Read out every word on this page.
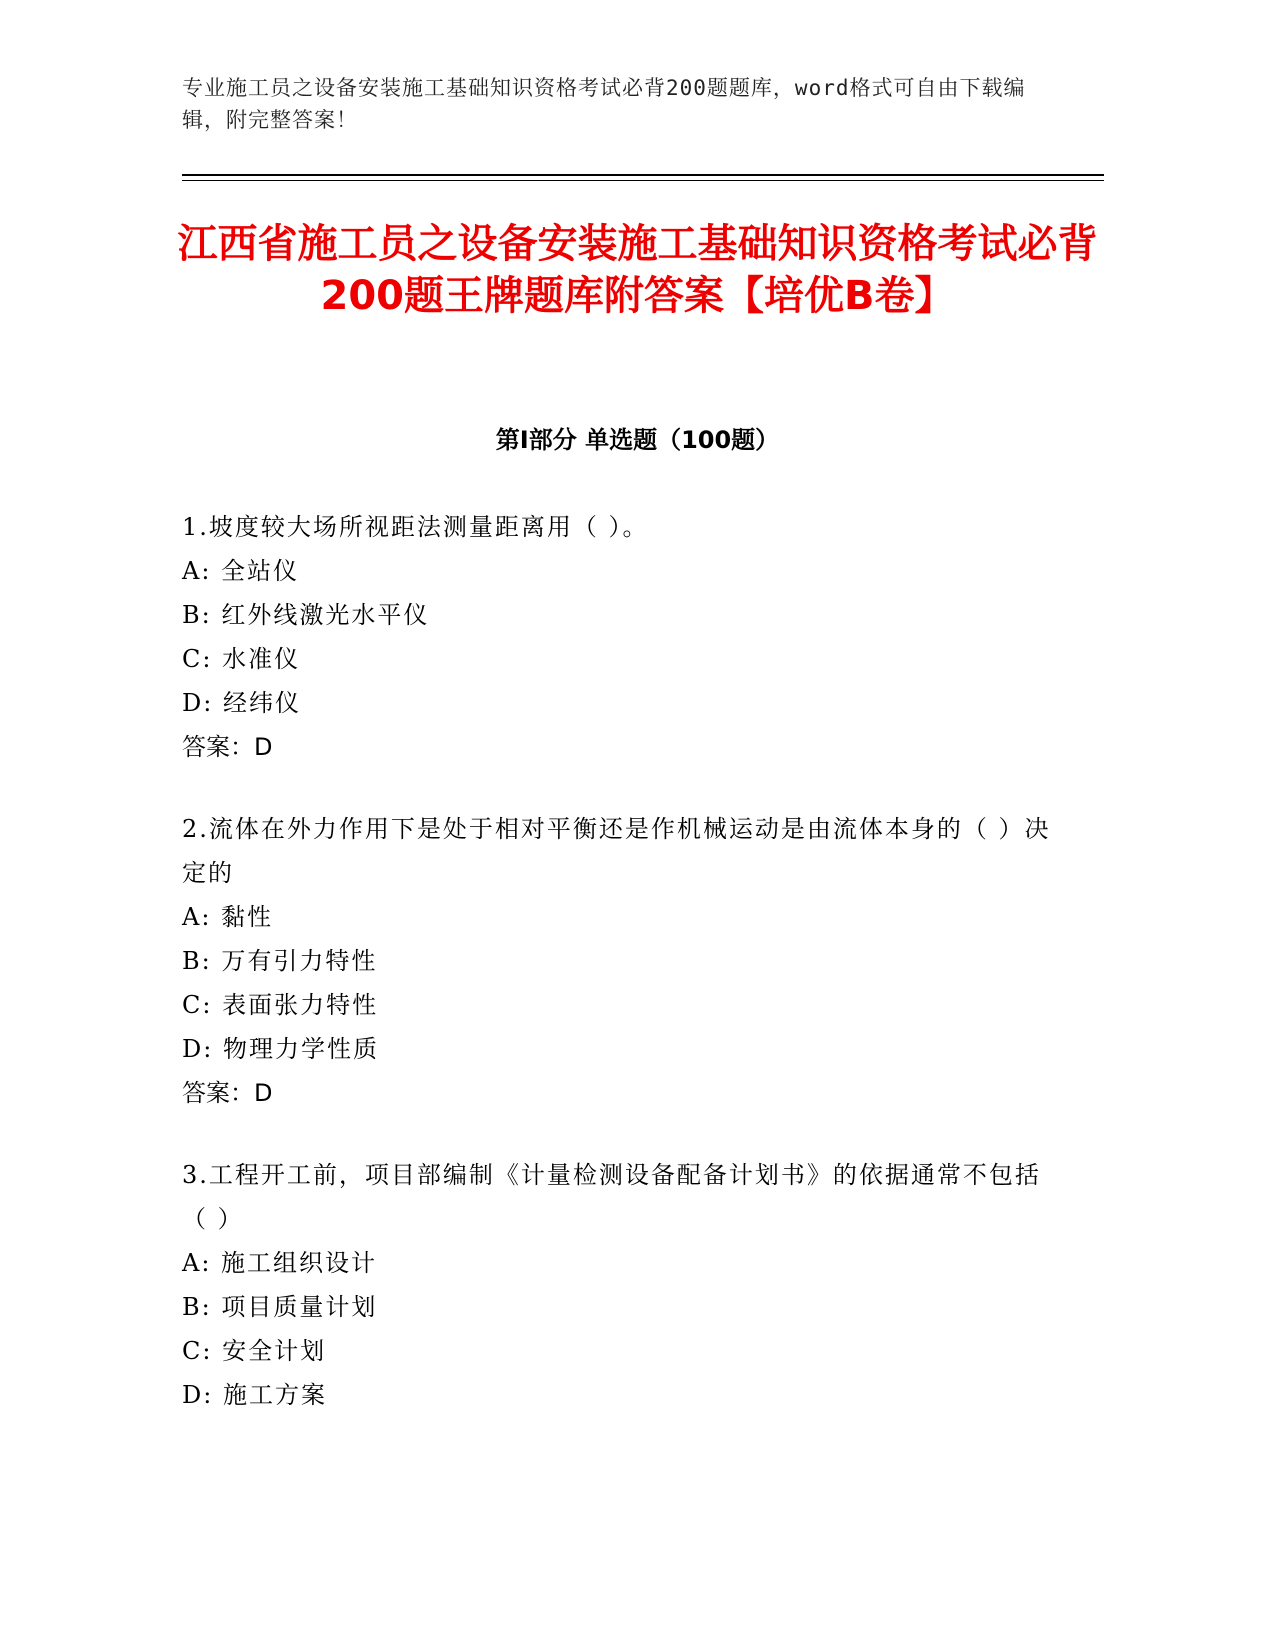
专业施工员之设备安装施工基础知识资格考试必背200题题库，word格式可自由下载编辑，附完整答案！
江西省施工员之设备安装施工基础知识资格考试必背200题王牌题库附答案【培优B卷】
第I部分 单选题（100题）
1.坡度较大场所视距法测量距离用（ ）。
A: 全站仪
B: 红外线激光水平仪
C: 水准仪
D: 经纬仪
答案：D
2.流体在外力作用下是处于相对平衡还是作机械运动是由流体本身的（ ）决定的
A: 黏性
B: 万有引力特性
C: 表面张力特性
D: 物理力学性质
答案：D
3.工程开工前，项目部编制《计量检测设备配备计划书》的依据通常不包括（ ）
A: 施工组织设计
B: 项目质量计划
C: 安全计划
D: 施工方案
